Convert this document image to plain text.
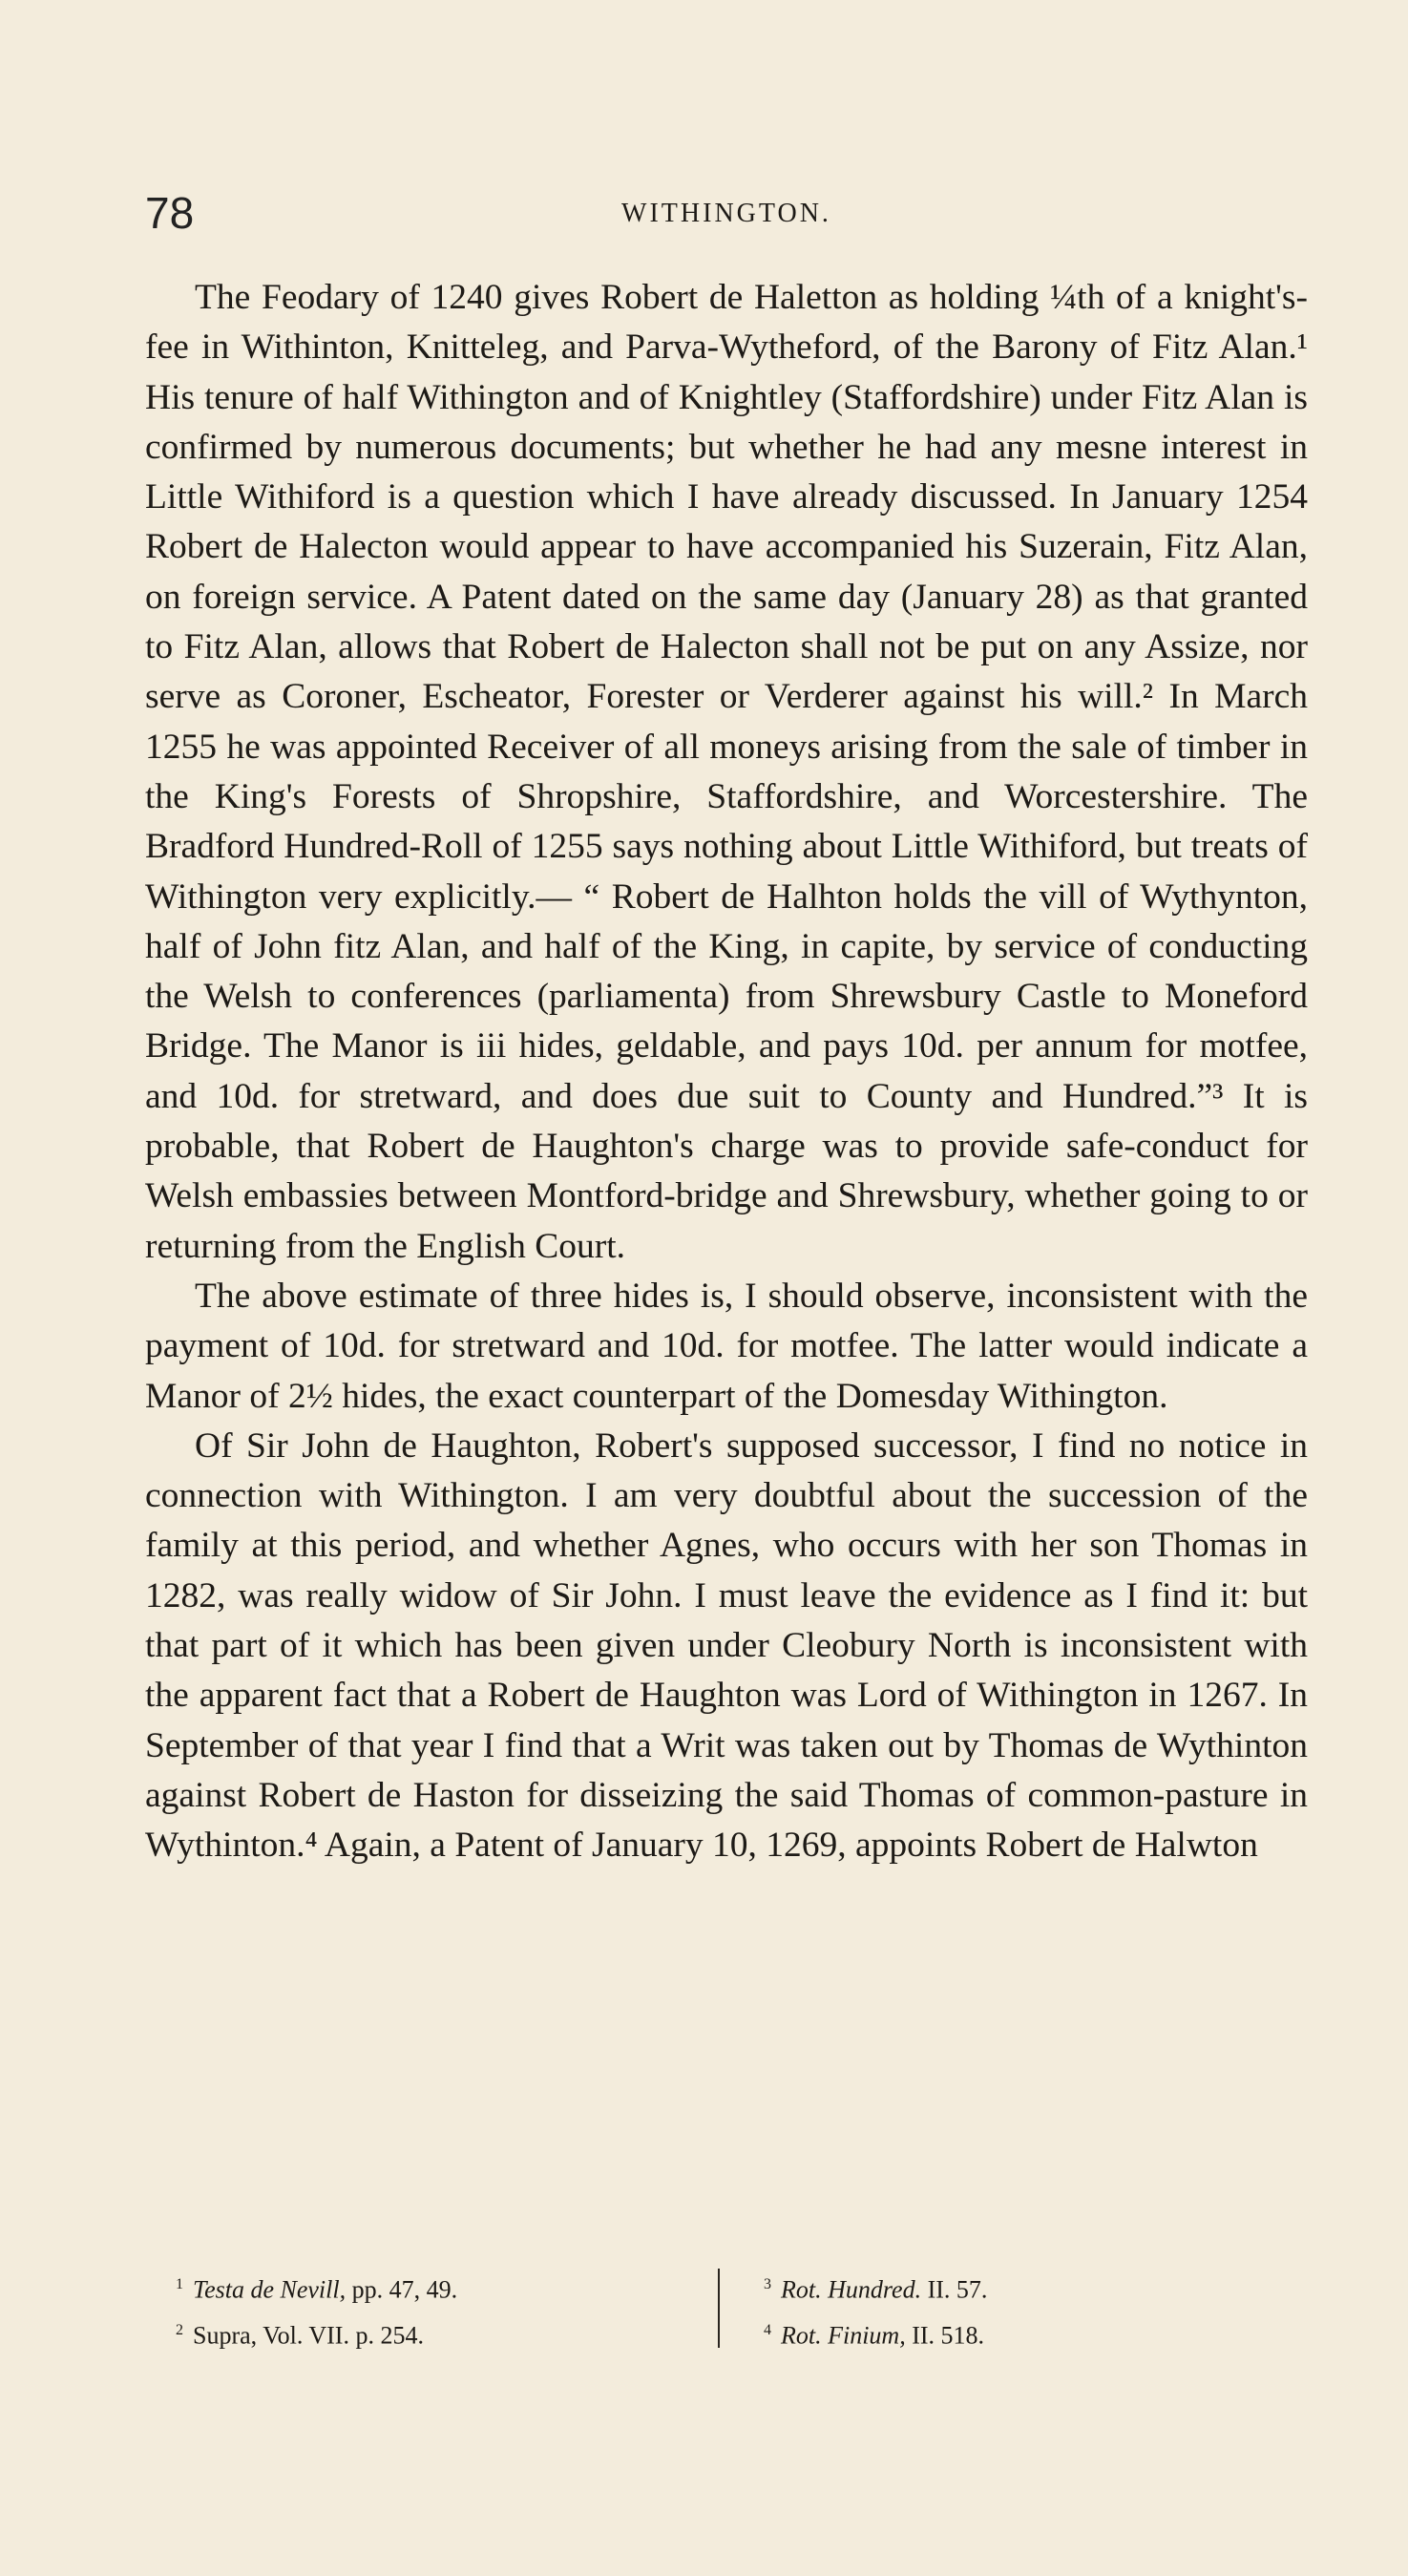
78	WITHINGTON.

The Feodary of 1240 gives Robert de Haletton as holding ¼th of a knight's-fee in Withinton, Knitteleg, and Parva-Wytheford, of the Barony of Fitz Alan.¹ His tenure of half Withington and of Knightley (Staffordshire) under Fitz Alan is confirmed by numerous documents; but whether he had any mesne interest in Little Withiford is a question which I have already discussed. In January 1254 Robert de Halecton would appear to have accompanied his Suzerain, Fitz Alan, on foreign service. A Patent dated on the same day (January 28) as that granted to Fitz Alan, allows that Robert de Halecton shall not be put on any Assize, nor serve as Coroner, Escheator, Forester or Verderer against his will.² In March 1255 he was appointed Receiver of all moneys arising from the sale of timber in the King's Forests of Shropshire, Staffordshire, and Worcestershire. The Bradford Hundred-Roll of 1255 says nothing about Little Withiford, but treats of Withington very explicitly.— “ Robert de Halhton holds the vill of Wythynton, half of John fitz Alan, and half of the King, in capite, by service of conducting the Welsh to conferences (parliamenta) from Shrewsbury Castle to Moneford Bridge. The Manor is iii hides, geldable, and pays 10d. per annum for motfee, and 10d. for stretward, and does due suit to County and Hundred.”³ It is probable, that Robert de Haughton's charge was to provide safe-conduct for Welsh embassies between Montford-bridge and Shrewsbury, whether going to or returning from the English Court.

The above estimate of three hides is, I should observe, inconsistent with the payment of 10d. for stretward and 10d. for motfee. The latter would indicate a Manor of 2½ hides, the exact counterpart of the Domesday Withington.

Of Sir John de Haughton, Robert's supposed successor, I find no notice in connection with Withington. I am very doubtful about the succession of the family at this period, and whether Agnes, who occurs with her son Thomas in 1282, was really widow of Sir John. I must leave the evidence as I find it: but that part of it which has been given under Cleobury North is inconsistent with the apparent fact that a Robert de Haughton was Lord of Withington in 1267. In September of that year I find that a Writ was taken out by Thomas de Wythinton against Robert de Haston for disseizing the said Thomas of common-pasture in Wythinton.⁴ Again, a Patent of January 10, 1269, appoints Robert de Halwton

$^1$ Testa de Nevill, pp. 47, 49.
$^2$ Supra, Vol. VII. p. 254.
$^3$ Rot. Hundred. II. 57.
$^4$ Rot. Finium, II. 518.
